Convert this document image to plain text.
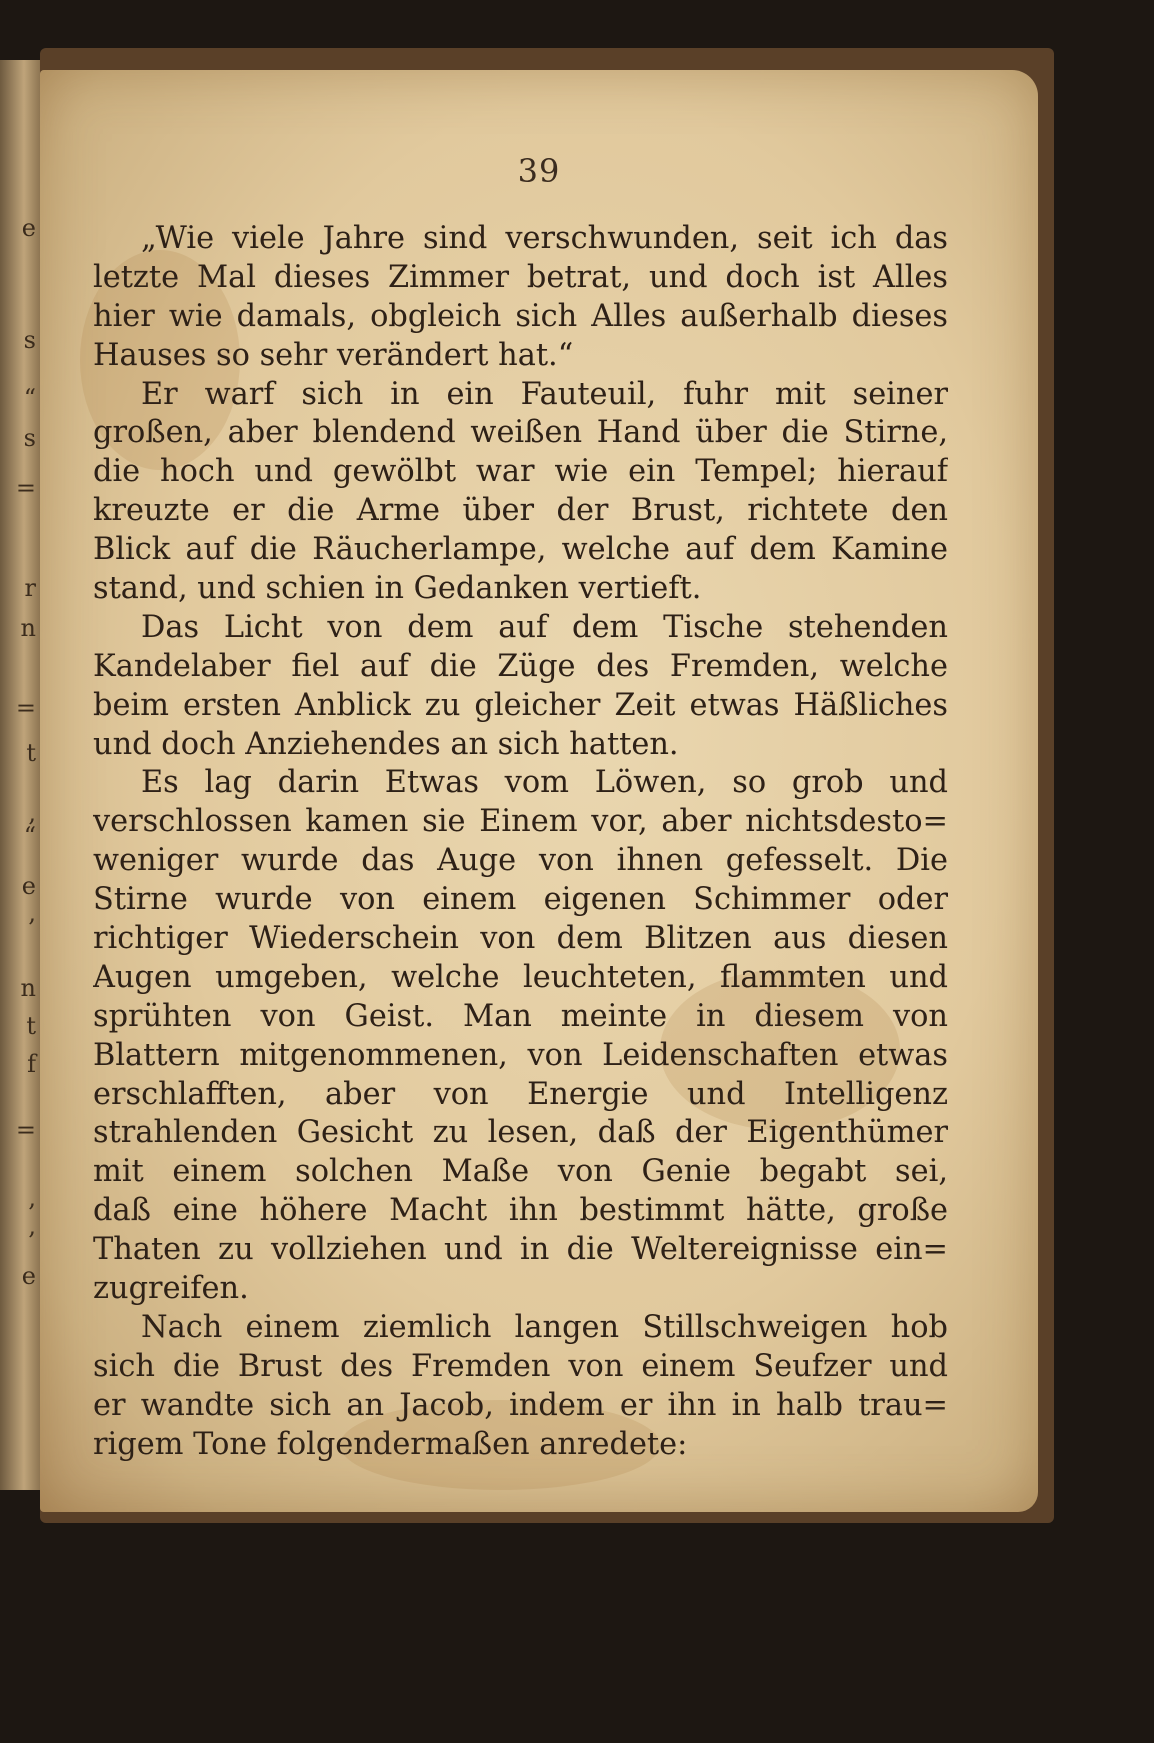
e
s
“
s
=
r
n
=
t
,
“
e
,
n
t
f
=
,
,
e
39
„Wie viele Jahre sind verschwunden, seit ich das
letzte Mal dieses Zimmer betrat, und doch ist Alles
hier wie damals, obgleich sich Alles außerhalb dieses
Hauses so sehr verändert hat.“
Er warf sich in ein Fauteuil, fuhr mit seiner
großen, aber blendend weißen Hand über die Stirne,
die hoch und gewölbt war wie ein Tempel; hierauf
kreuzte er die Arme über der Brust, richtete den
Blick auf die Räucherlampe, welche auf dem Kamine
stand, und schien in Gedanken vertieft.
Das Licht von dem auf dem Tische stehenden
Kandelaber fiel auf die Züge des Fremden, welche
beim ersten Anblick zu gleicher Zeit etwas Häßliches
und doch Anziehendes an sich hatten.
Es lag darin Etwas vom Löwen, so grob und
verschlossen kamen sie Einem vor, aber nichtsdesto=
weniger wurde das Auge von ihnen gefesselt. Die
Stirne wurde von einem eigenen Schimmer oder
richtiger Wiederschein von dem Blitzen aus diesen
Augen umgeben, welche leuchteten, flammten und
sprühten von Geist. Man meinte in diesem von
Blattern mitgenommenen, von Leidenschaften etwas
erschlafften, aber von Energie und Intelligenz
strahlenden Gesicht zu lesen, daß der Eigenthümer
mit einem solchen Maße von Genie begabt sei,
daß eine höhere Macht ihn bestimmt hätte, große
Thaten zu vollziehen und in die Weltereignisse ein=
zugreifen.
Nach einem ziemlich langen Stillschweigen hob
sich die Brust des Fremden von einem Seufzer und
er wandte sich an Jacob, indem er ihn in halb trau=
rigem Tone folgendermaßen anredete:
